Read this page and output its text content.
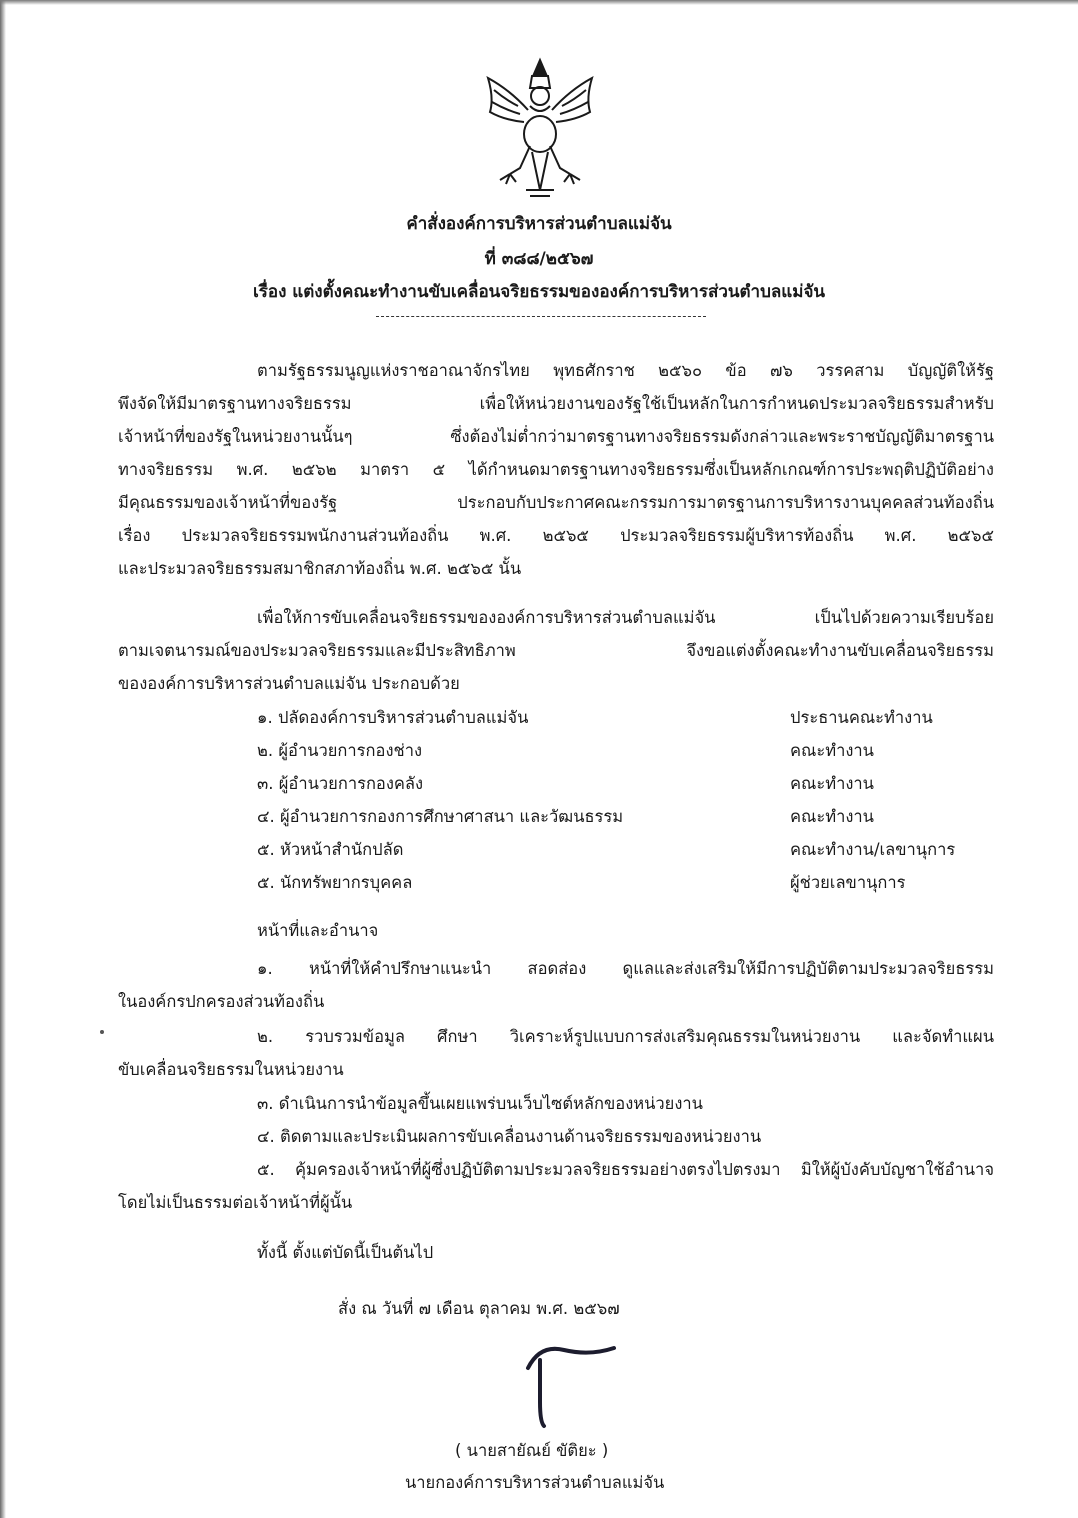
คำสั่งองค์การบริหารส่วนตำบลแม่จัน
ที่ ๓๘๘/๒๕๖๗
เรื่อง แต่งตั้งคณะทำงานขับเคลื่อนจริยธรรมขององค์การบริหารส่วนตำบลแม่จัน
ตามรัฐธรรมนูญแห่งราชอาณาจักรไทย พุทธศักราช ๒๕๖๐ ข้อ ๗๖ วรรคสาม บัญญัติให้รัฐ
พึงจัดให้มีมาตรฐานทางจริยธรรม เพื่อให้หน่วยงานของรัฐใช้เป็นหลักในการกำหนดประมวลจริยธรรมสำหรับ
เจ้าหน้าที่ของรัฐในหน่วยงานนั้นๆ ซึ่งต้องไม่ต่ำกว่ามาตรฐานทางจริยธรรมดังกล่าวและพระราชบัญญัติมาตรฐาน
ทางจริยธรรม พ.ศ. ๒๕๖๒ มาตรา ๕ ได้กำหนดมาตรฐานทางจริยธรรมซึ่งเป็นหลักเกณฑ์การประพฤติปฏิบัติอย่าง
มีคุณธรรมของเจ้าหน้าที่ของรัฐ ประกอบกับประกาศคณะกรรมการมาตรฐานการบริหารงานบุคคลส่วนท้องถิ่น
เรื่อง ประมวลจริยธรรมพนักงานส่วนท้องถิ่น พ.ศ. ๒๕๖๕ ประมวลจริยธรรมผู้บริหารท้องถิ่น พ.ศ. ๒๕๖๕
และประมวลจริยธรรมสมาชิกสภาท้องถิ่น พ.ศ. ๒๕๖๕ นั้น
เพื่อให้การขับเคลื่อนจริยธรรมขององค์การบริหารส่วนตำบลแม่จัน เป็นไปด้วยความเรียบร้อย
ตามเจตนารมณ์ของประมวลจริยธรรมและมีประสิทธิภาพ จึงขอแต่งตั้งคณะทำงานขับเคลื่อนจริยธรรม
ขององค์การบริหารส่วนตำบลแม่จัน ประกอบด้วย
๑. ปลัดองค์การบริหารส่วนตำบลแม่จัน	ประธานคณะทำงาน
๒. ผู้อำนวยการกองช่าง	คณะทำงาน
๓. ผู้อำนวยการกองคลัง	คณะทำงาน
๔. ผู้อำนวยการกองการศึกษาศาสนา และวัฒนธรรม	คณะทำงาน
๕. หัวหน้าสำนักปลัด	คณะทำงาน/เลขานุการ
๕. นักทรัพยากรบุคคล	ผู้ช่วยเลขานุการ
หน้าที่และอำนาจ
๑. หน้าที่ให้คำปรึกษาแนะนำ สอดส่อง ดูแลและส่งเสริมให้มีการปฏิบัติตามประมวลจริยธรรม
ในองค์กรปกครองส่วนท้องถิ่น
๒. รวบรวมข้อมูล ศึกษา วิเคราะห์รูปแบบการส่งเสริมคุณธรรมในหน่วยงาน และจัดทำแผน
ขับเคลื่อนจริยธรรมในหน่วยงาน
๓. ดำเนินการนำข้อมูลขึ้นเผยแพร่บนเว็บไซต์หลักของหน่วยงาน
๔. ติดตามและประเมินผลการขับเคลื่อนงานด้านจริยธรรมของหน่วยงาน
๕. คุ้มครองเจ้าหน้าที่ผู้ซึ่งปฏิบัติตามประมวลจริยธรรมอย่างตรงไปตรงมา มิให้ผู้บังคับบัญชาใช้อำนาจ
โดยไม่เป็นธรรมต่อเจ้าหน้าที่ผู้นั้น
ทั้งนี้ ตั้งแต่บัดนี้เป็นต้นไป
สั่ง ณ วันที่ ๗ เดือน ตุลาคม พ.ศ. ๒๕๖๗
( นายสายัณย์ ขัติยะ )
นายกองค์การบริหารส่วนตำบลแม่จัน
